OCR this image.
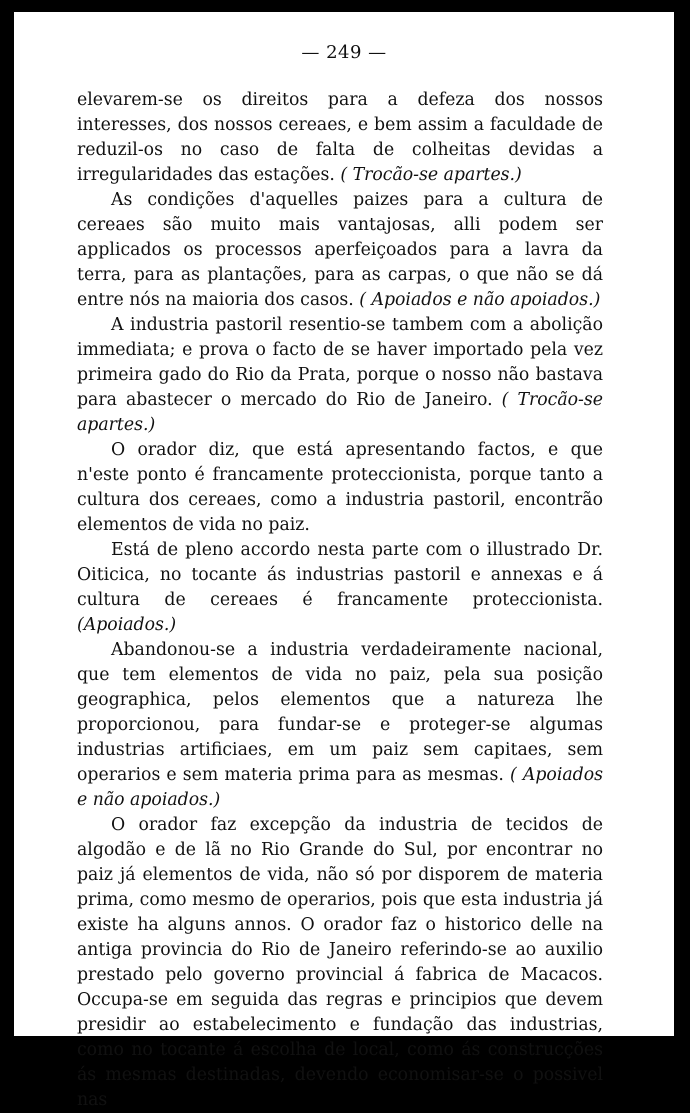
— 249 —

elevarem-se os direitos para a defeza dos nossos interesses, dos nossos cereaes, e bem assim a faculdade de reduzil-os no caso de falta de colheitas devidas a irregularidades das estações. ( Trocão-se apartes.)

As condições d'aquelles paizes para a cultura de cereaes são muito mais vantajosas, alli podem ser applicados os processos aperfeiçoados para a lavra da terra, para as plantações, para as carpas, o que não se dá entre nós na maioria dos casos. ( Apoiados e não apoiados.)

A industria pastoril resentio-se tambem com a abolição immediata; e prova o facto de se haver importado pela vez primeira gado do Rio da Prata, porque o nosso não bastava para abastecer o mercado do Rio de Janeiro. ( Trocão-se apartes.)

O orador diz, que está apresentando factos, e que n'este ponto é francamente proteccionista, porque tanto a cultura dos cereaes, como a industria pastoril, encontrão elementos de vida no paiz.

Está de pleno accordo nesta parte com o illustrado Dr. Oiticica, no tocante ás industrias pastoril e annexas e á cultura de cereaes é francamente proteccionista. (Apoiados.)

Abandonou-se a industria verdadeiramente nacional, que tem elementos de vida no paiz, pela sua posição geographica, pelos elementos que a natureza lhe proporcionou, para fundar-se e proteger-se algumas industrias artificiaes, em um paiz sem capitaes, sem operarios e sem materia prima para as mesmas. ( Apoiados e não apoiados.)

O orador faz excepção da industria de tecidos de algodão e de lã no Rio Grande do Sul, por encontrar no paiz já elementos de vida, não só por disporem de materia prima, como mesmo de operarios, pois que esta industria já existe ha alguns annos. O orador faz o historico delle na antiga provincia do Rio de Janeiro referindo-se ao auxilio prestado pelo governo provincial á fabrica de Macacos. Occupa-se em seguida das regras e principios que devem presidir ao estabelecimento e fundação das industrias, como no tocante á escolha de local, como ás construcções ás mesmas destinadas, devendo economisar-se o possivel nas
